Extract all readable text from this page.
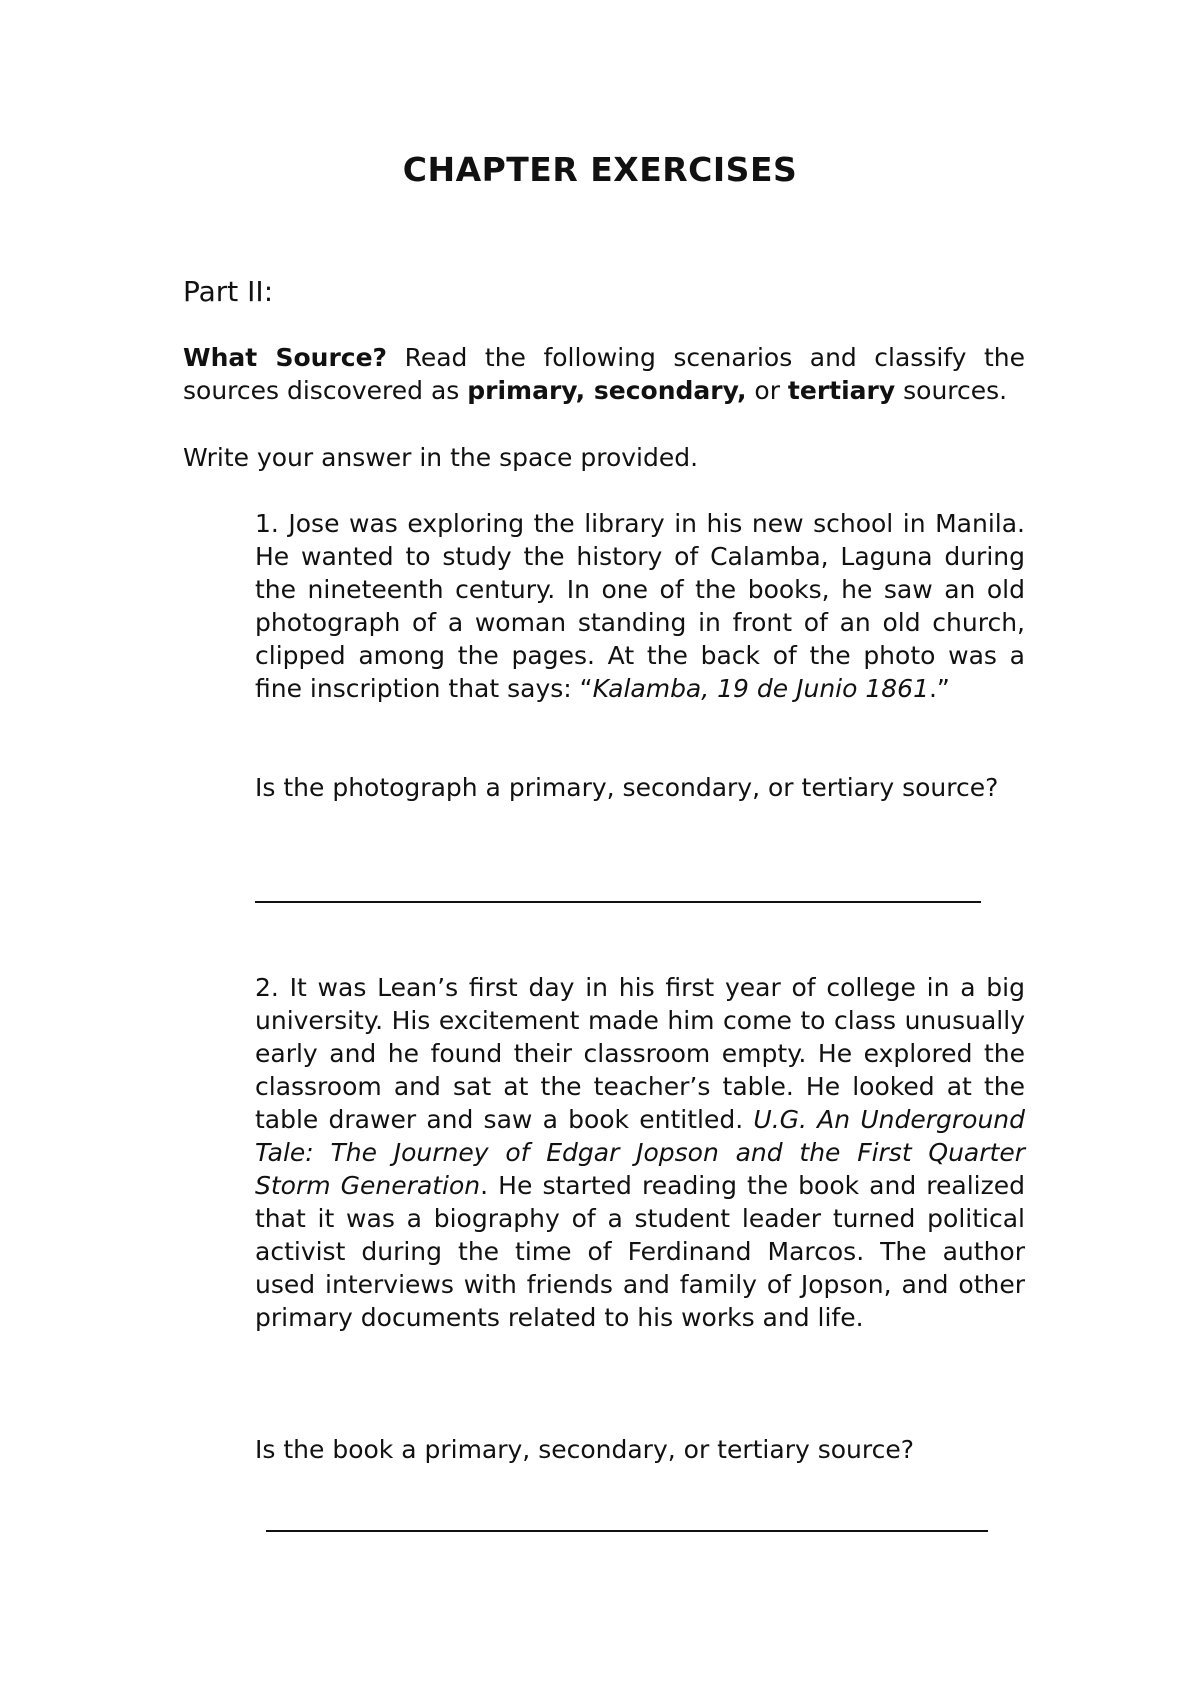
CHAPTER EXERCISES

Part II:

What Source? Read the following scenarios and classify the sources discovered as primary, secondary, or tertiary sources.

Write your answer in the space provided.

1. Jose was exploring the library in his new school in Manila. He wanted to study the history of Calamba, Laguna during the nineteenth century. In one of the books, he saw an old photograph of a woman standing in front of an old church, clipped among the pages. At the back of the photo was a fine inscription that says: “Kalamba, 19 de Junio 1861.”

Is the photograph a primary, secondary, or tertiary source?

2. It was Lean’s first day in his first year of college in a big university. His excitement made him come to class unusually early and he found their classroom empty. He explored the classroom and sat at the teacher’s table. He looked at the table drawer and saw a book entitled. U.G. An Underground Tale: The Journey of Edgar Jopson and the First Quarter Storm Generation. He started reading the book and realized that it was a biography of a student leader turned political activist during the time of Ferdinand Marcos. The author used interviews with friends and family of Jopson, and other primary documents related to his works and life.

Is the book a primary, secondary, or tertiary source?
